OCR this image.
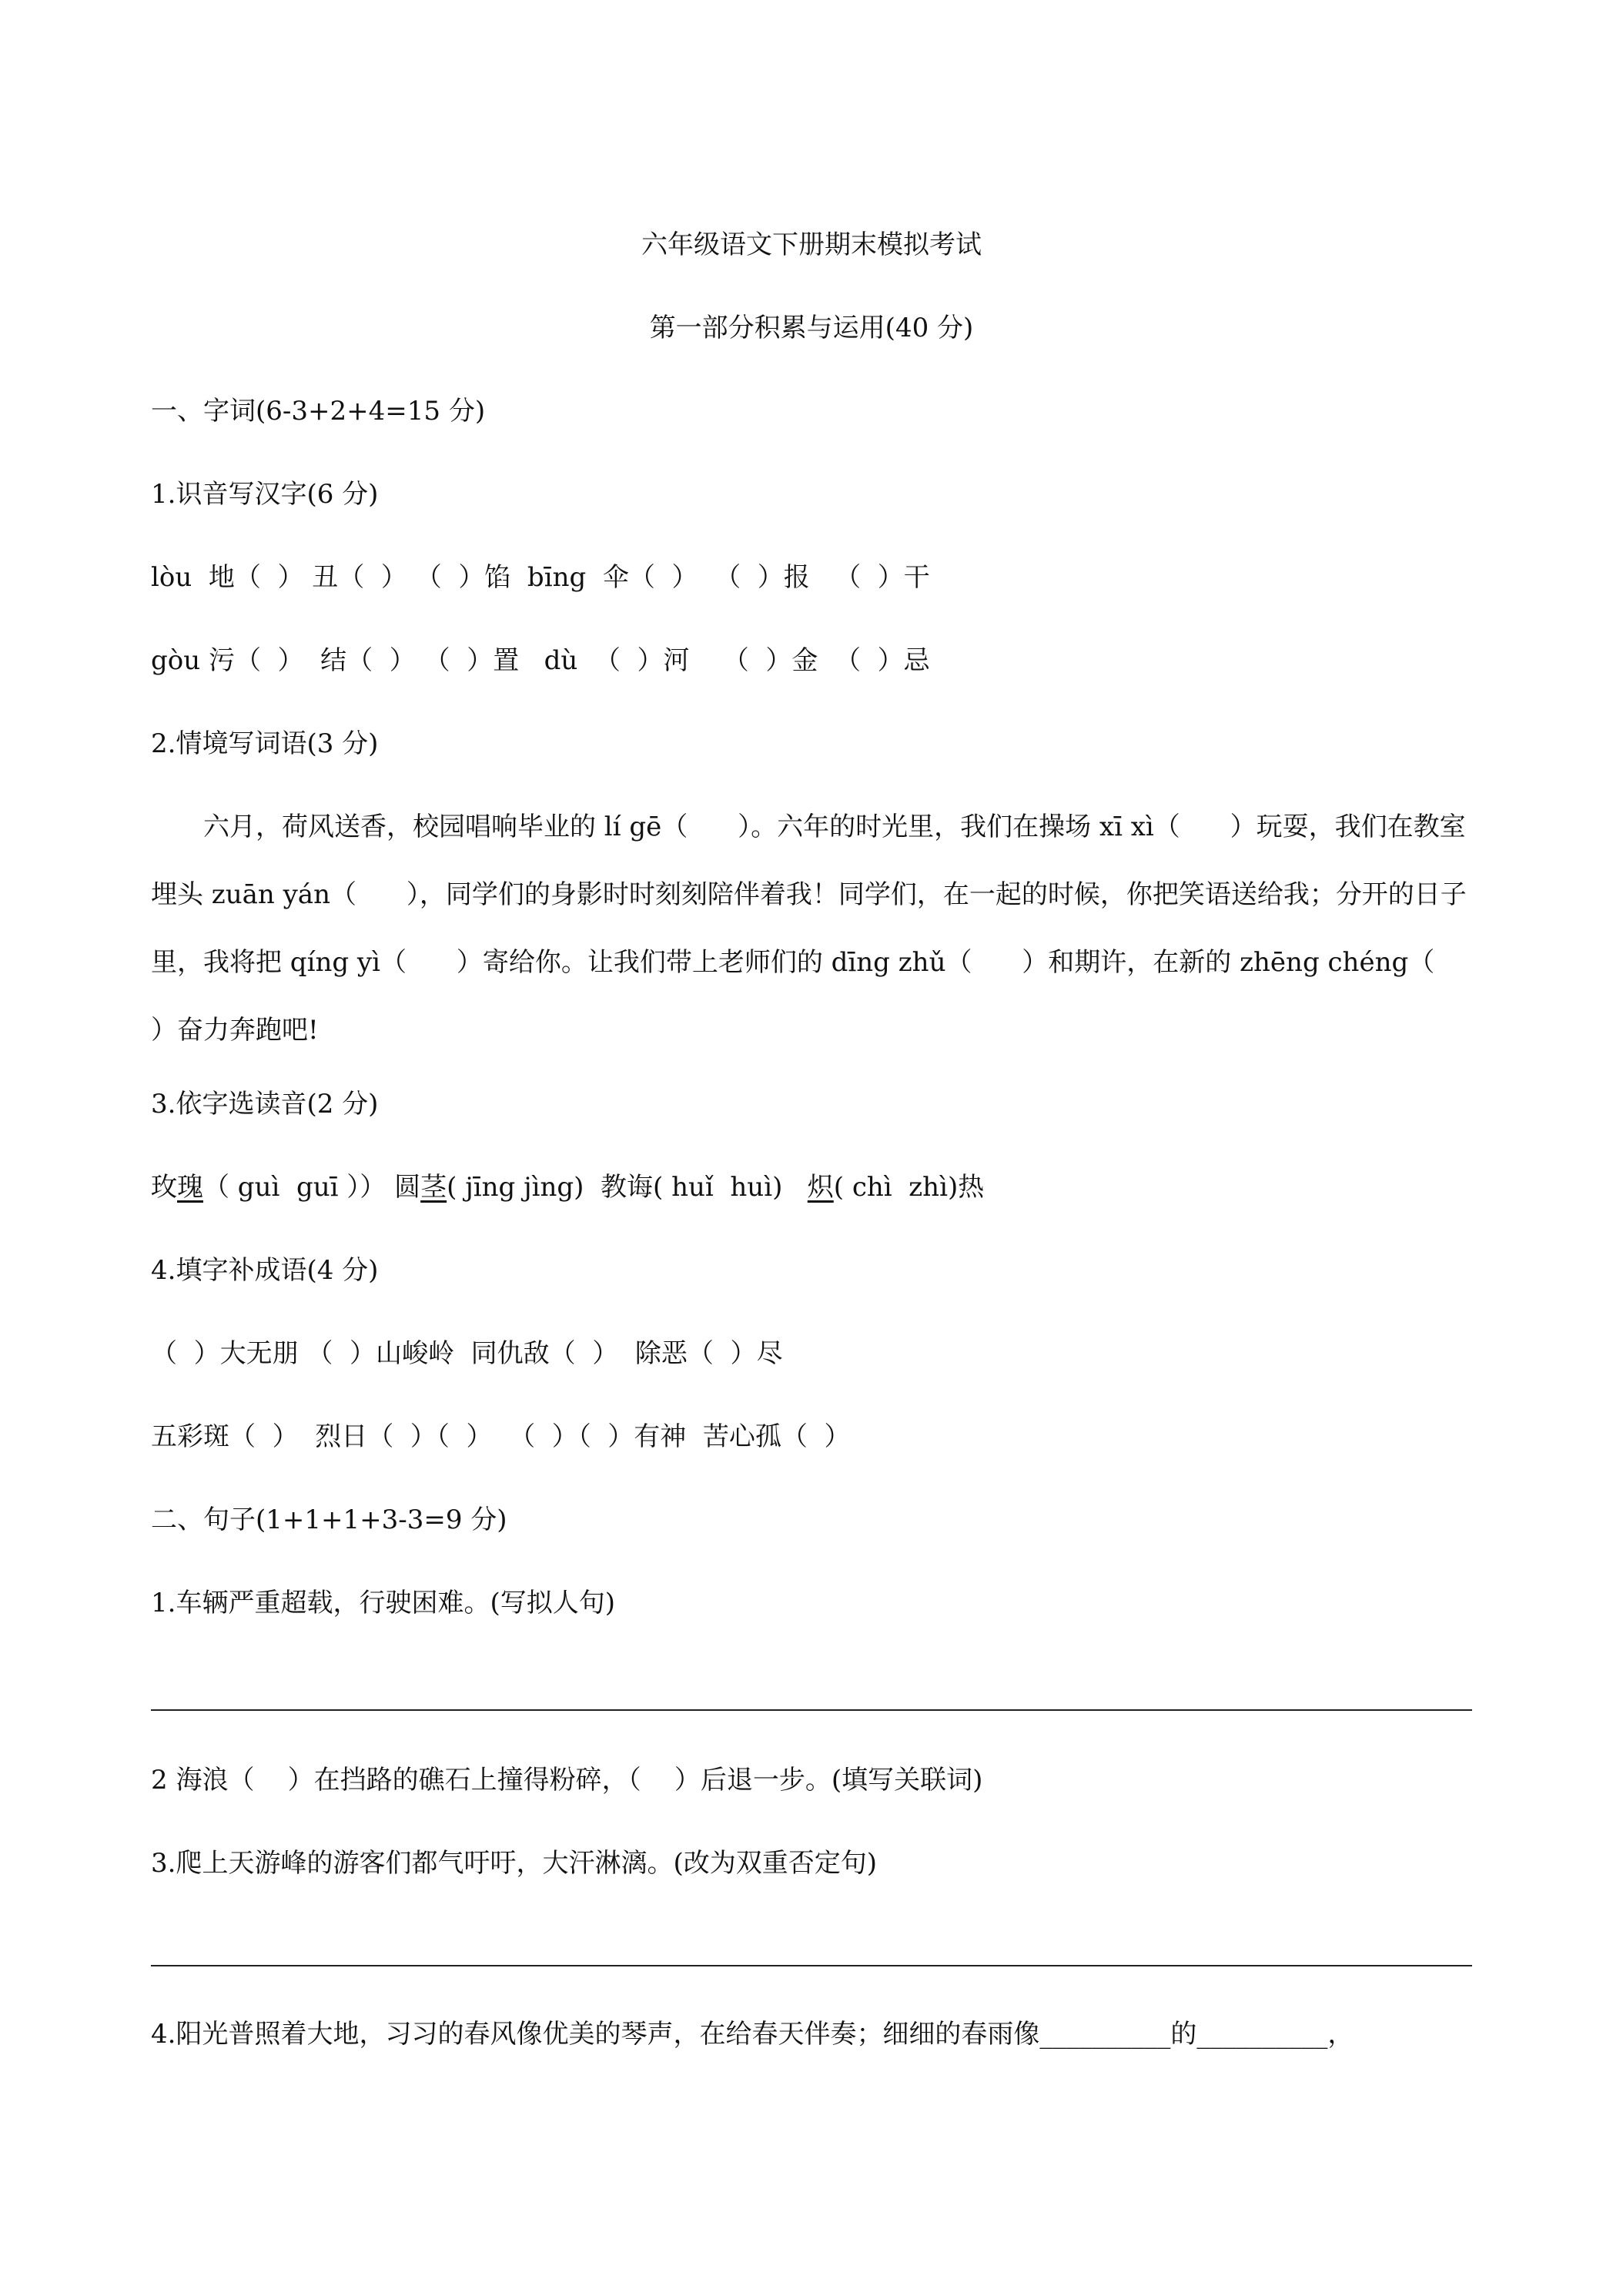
六年级语文下册期末模拟考试
第一部分积累与运用(40 分)
一、字词(6-3+2+4=15 分)
1.识音写汉字(6 分)
lòu  地（  ） 丑（  ） （  ）馅  bīng  伞（  ）  （  ）报   （  ）干
gòu 污（  ）  结（  ） （  ）置   dù  （  ）河    （  ）金  （  ）忌
2.情境写词语(3 分)
六月，荷风送香，校园唱响毕业的 lí gē（      ）。六年的时光里，我们在操场 xī xì（      ）玩耍，我们在教室埋头 zuān yán（      ），同学们的身影时时刻刻陪伴着我！同学们，在一起的时候，你把笑语送给我；分开的日子里，我将把 qíng yì（      ）寄给你。让我们带上老师们的 dīng zhǔ（      ）和期许，在新的 zhēng chéng（      ）奋力奔跑吧!
3.依字选读音(2 分)
玫瑰（ guì  guī ）） 圆茎( jīng jìng)  教诲( huǐ  huì)   炽( chì  zhì)热
4.填字补成语(4 分)
（  ）大无朋 （  ）山峻岭  同仇敌（  ）  除恶（  ）尽
五彩斑（  ）  烈日（  ）（  ）  （  ）（  ）有神  苦心孤（  ）
二、句子(1+1+1+3-3=9 分)
1.车辆严重超载，行驶困难。(写拟人句)
2 海浪（    ）在挡路的礁石上撞得粉碎，（    ）后退一步。(填写关联词)
3.爬上天游峰的游客们都气吁吁，大汗淋漓。(改为双重否定句)
4.阳光普照着大地，习习的春风像优美的琴声，在给春天伴奏；细细的春雨像__________的__________，
